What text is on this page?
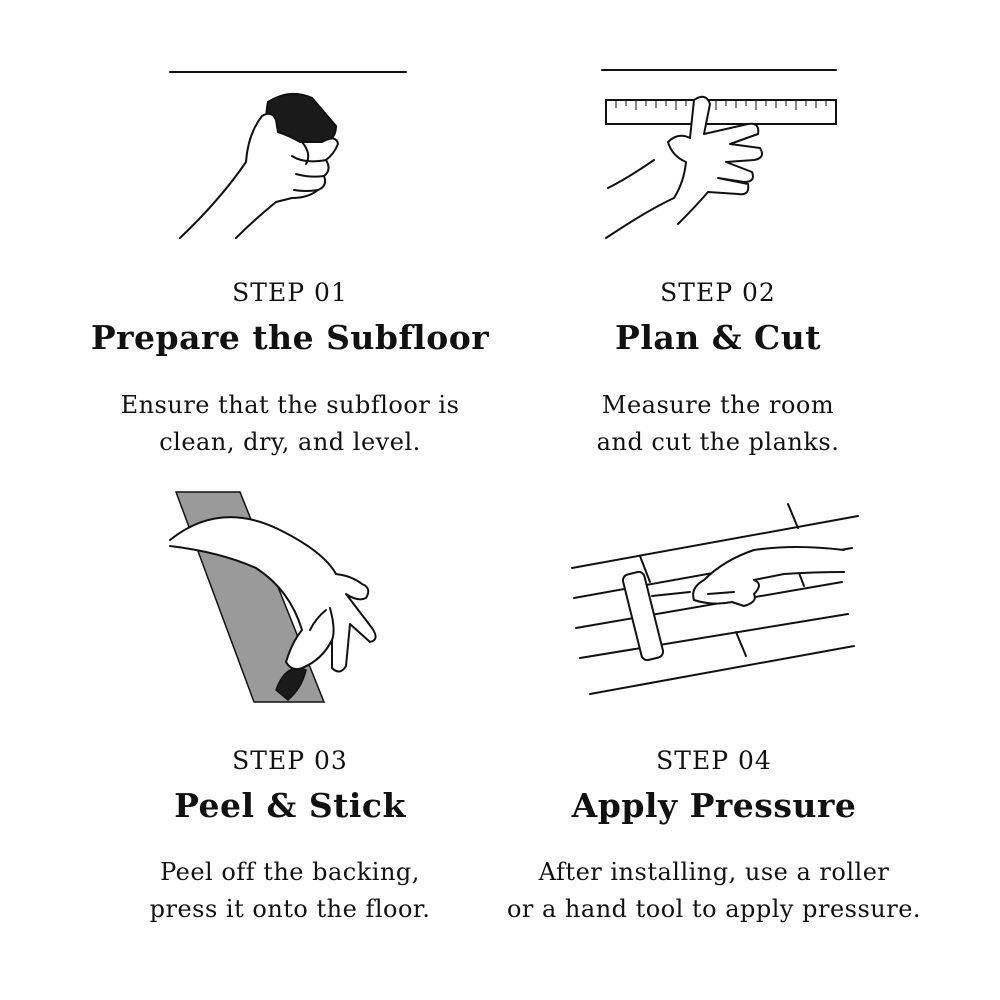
STEP 01
Prepare the Subfloor
Ensure that the subfloor is
clean, dry, and level.
STEP 02
Plan & Cut
Measure the room
and cut the planks.
STEP 03
Peel & Stick
Peel off the backing,
press it onto the floor.
STEP 04
Apply Pressure
After installing, use a roller
or a hand tool to apply pressure.
